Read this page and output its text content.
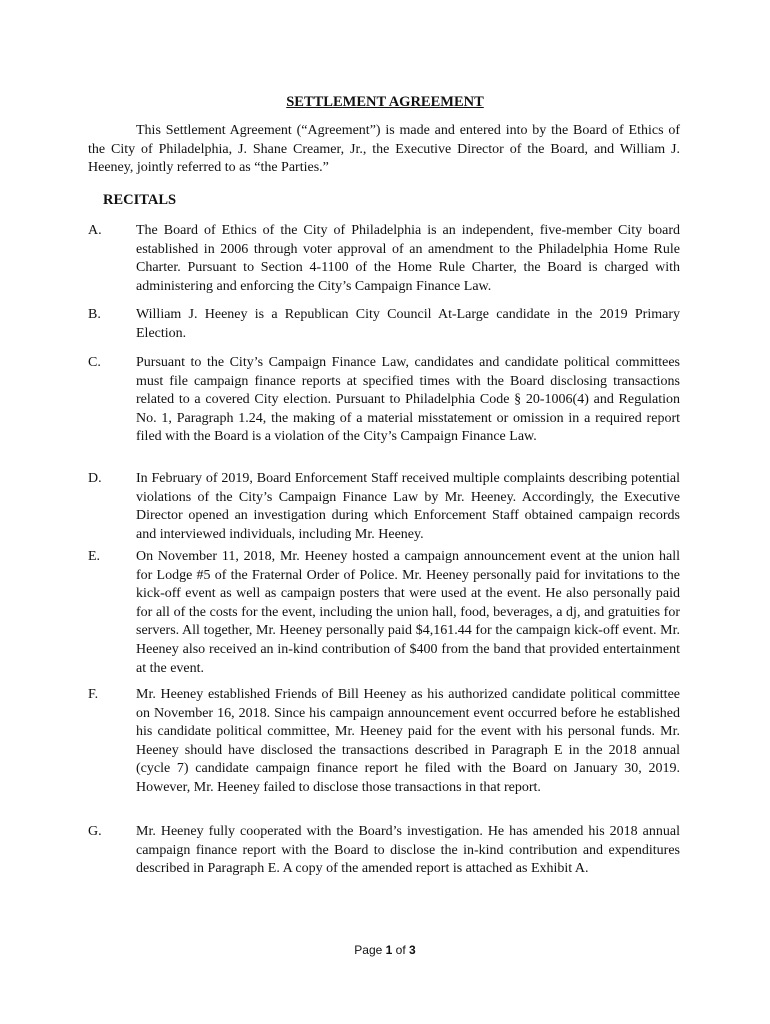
SETTLEMENT AGREEMENT

This Settlement Agreement (“Agreement”) is made and entered into by the Board of Ethics of the City of Philadelphia, J. Shane Creamer, Jr., the Executive Director of the Board, and William J. Heeney, jointly referred to as “the Parties.”

RECITALS
A. The Board of Ethics of the City of Philadelphia is an independent, five-member City board established in 2006 through voter approval of an amendment to the Philadelphia Home Rule Charter. Pursuant to Section 4-1100 of the Home Rule Charter, the Board is charged with administering and enforcing the City’s Campaign Finance Law.
B.	William J. Heeney is a Republican City Council At-Large candidate in the 2019 Primary Election.
C.	Pursuant to the City’s Campaign Finance Law, candidates and candidate political committees must file campaign finance reports at specified times with the Board disclosing transactions related to a covered City election. Pursuant to Philadelphia Code § 20-1006(4) and Regulation No. 1, Paragraph 1.24, the making of a material misstatement or omission in a required report filed with the Board is a violation of the City’s Campaign Finance Law.
D. In February of 2019, Board Enforcement Staff received multiple complaints describing potential violations of the City’s Campaign Finance Law by Mr. Heeney. Accordingly, the Executive Director opened an investigation during which Enforcement Staff obtained campaign records and interviewed individuals, including Mr. Heeney.
E.	On November 11, 2018, Mr. Heeney hosted a campaign announcement event at the union hall for Lodge #5 of the Fraternal Order of Police. Mr. Heeney personally paid for invitations to the kick-off event as well as campaign posters that were used at the event. He also personally paid for all of the costs for the event, including the union hall, food, beverages, a dj, and gratuities for servers. All together, Mr. Heeney personally paid $4,161.44 for the campaign kick-off event. Mr. Heeney also received an in-kind contribution of $400 from the band that provided entertainment at the event.
F.	Mr. Heeney established Friends of Bill Heeney as his authorized candidate political committee on November 16, 2018. Since his campaign announcement event occurred before he established his candidate political committee, Mr. Heeney paid for the event with his personal funds. Mr. Heeney should have disclosed the transactions described in Paragraph E in the 2018 annual (cycle 7) candidate campaign finance report he filed with the Board on January 30, 2019. However, Mr. Heeney failed to disclose those transactions in that report.
G. Mr. Heeney fully cooperated with the Board’s investigation. He has amended his 2018 annual campaign finance report with the Board to disclose the in-kind contribution and expenditures described in Paragraph E. A copy of the amended report is attached as Exhibit A.
Page 1 of 3
